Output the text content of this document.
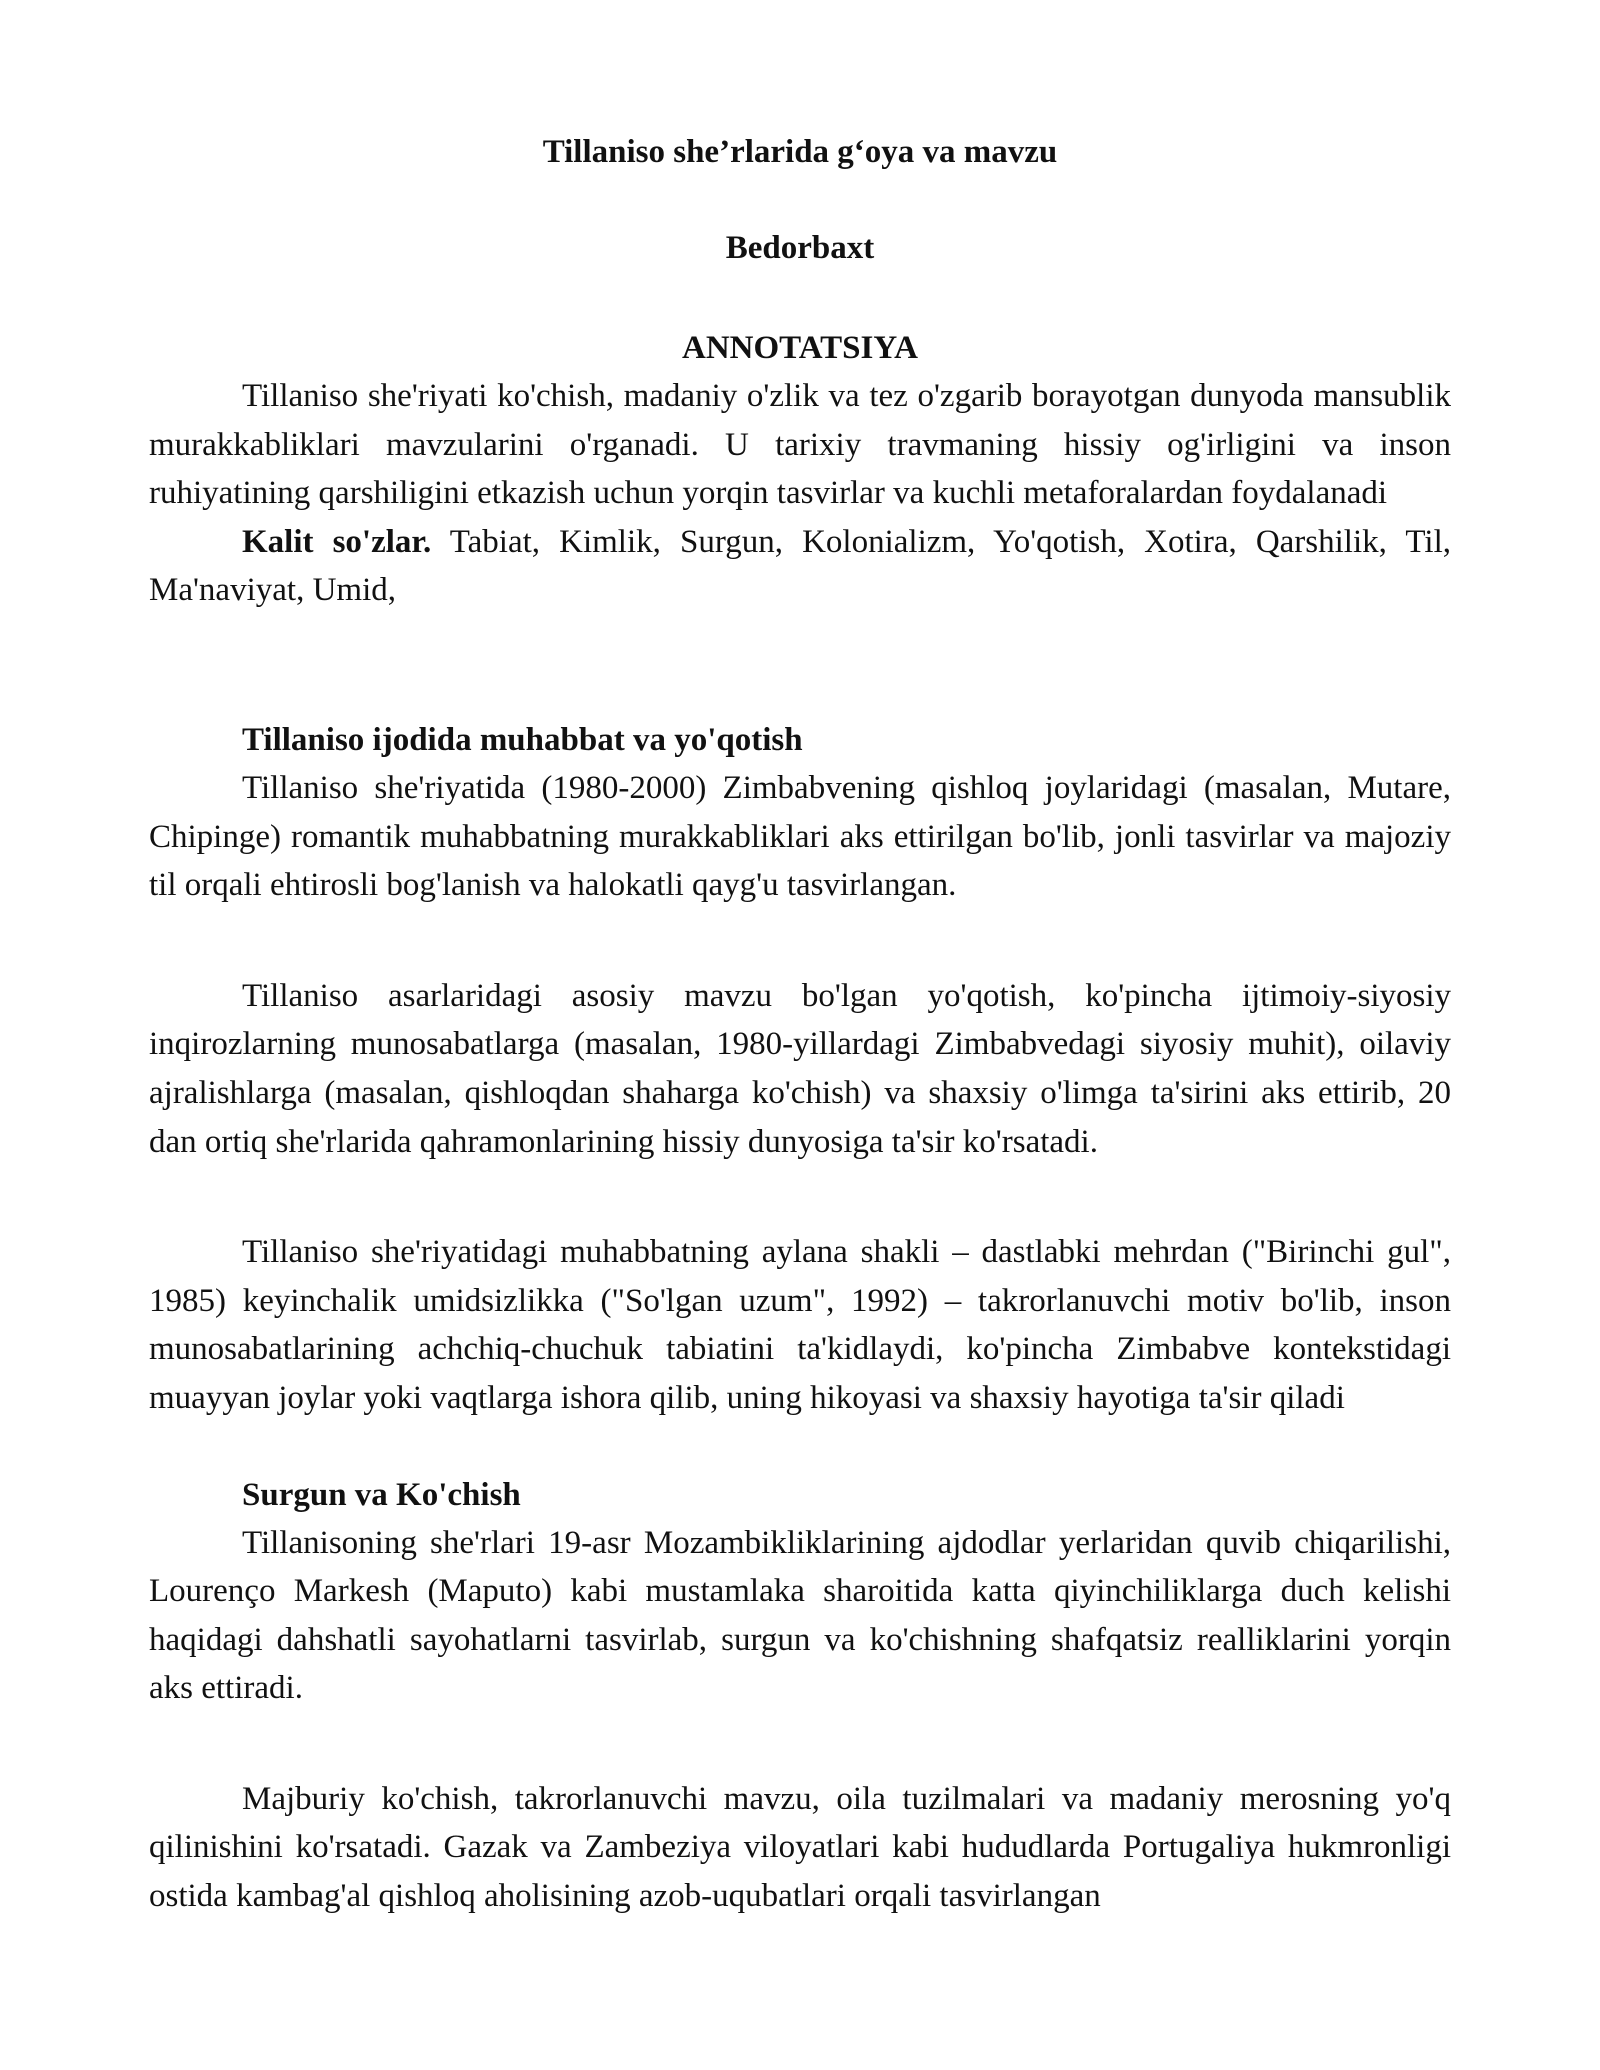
Tillaniso she’rlarida g‘oya va mavzu
Bedorbaxt
ANNOTATSIYA

Tillaniso she'riyati ko'chish, madaniy o'zlik va tez o'zgarib borayotgan dunyoda mansublik murakkabliklari mavzularini o'rganadi. U tarixiy travmaning hissiy og'irligini va inson ruhiyatining qarshiligini etkazish uchun yorqin tasvirlar va kuchli metaforalardan foydalanadi

Kalit so'zlar. Tabiat, Kimlik, Surgun, Kolonializm, Yo'qotish, Xotira, Qarshilik, Til, Ma'naviyat, Umid,

Tillaniso ijodida muhabbat va yo'qotish

Tillaniso she'riyatida (1980-2000) Zimbabvening qishloq joylaridagi (masalan, Mutare, Chipinge) romantik muhabbatning murakkabliklari aks ettirilgan bo'lib, jonli tasvirlar va majoziy til orqali ehtirosli bog'lanish va halokatli qayg'u tasvirlangan.

Tillaniso asarlaridagi asosiy mavzu bo'lgan yo'qotish, ko'pincha ijtimoiy-siyosiy inqirozlarning munosabatlarga (masalan, 1980-yillardagi Zimbabvedagi siyosiy muhit), oilaviy ajralishlarga (masalan, qishloqdan shaharga ko'chish) va shaxsiy o'limga ta'sirini aks ettirib, 20 dan ortiq she'rlarida qahramonlarining hissiy dunyosiga ta'sir ko'rsatadi.

Tillaniso she'riyatidagi muhabbatning aylana shakli – dastlabki mehrdan ("Birinchi gul", 1985) keyinchalik umidsizlikka ("So'lgan uzum", 1992) – takrorlanuvchi motiv bo'lib, inson munosabatlarining achchiq-chuchuk tabiatini ta'kidlaydi, ko'pincha Zimbabve kontekstidagi muayyan joylar yoki vaqtlarga ishora qilib, uning hikoyasi va shaxsiy hayotiga ta'sir qiladi

Surgun va Ko'chish

Tillanisoning she'rlari 19-asr Mozambikliklarining ajdodlar yerlaridan quvib chiqarilishi, Lourenço Markesh (Maputo) kabi mustamlaka sharoitida katta qiyinchiliklarga duch kelishi haqidagi dahshatli sayohatlarni tasvirlab, surgun va ko'chishning shafqatsiz realliklarini yorqin aks ettiradi.

Majburiy ko'chish, takrorlanuvchi mavzu, oila tuzilmalari va madaniy merosning yo'q qilinishini ko'rsatadi. Gazak va Zambeziya viloyatlari kabi hududlarda Portugaliya hukmronligi ostida kambag'al qishloq aholisining azob-uqubatlari orqali tasvirlangan
